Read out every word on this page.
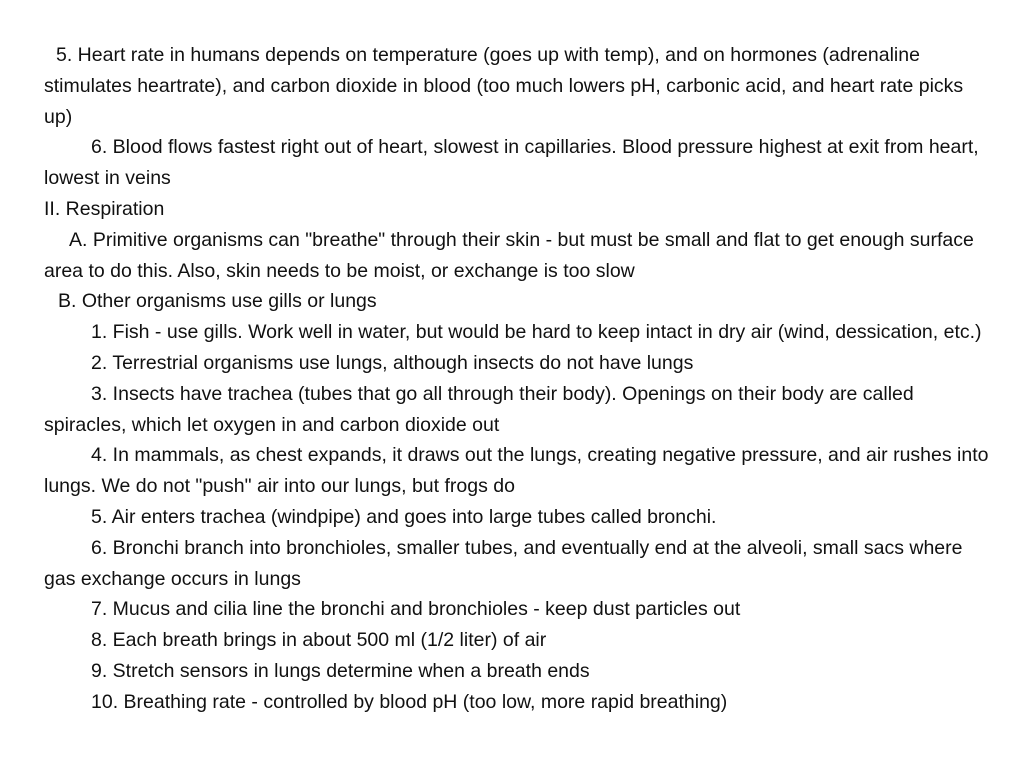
5. Heart rate in humans depends on temperature (goes up with temp), and on hormones (adrenaline stimulates heartrate), and carbon dioxide in blood (too much lowers pH, carbonic acid, and heart rate picks up)

6. Blood flows fastest right out of heart, slowest in capillaries. Blood pressure highest at exit from heart, lowest in veins

II. Respiration

A. Primitive organisms can "breathe" through their skin - but must be small and flat to get enough surface area to do this. Also, skin needs to be moist, or exchange is too slow

B. Other organisms use gills or lungs

1. Fish - use gills. Work well in water, but would be hard to keep intact in dry air (wind, dessication, etc.)

2. Terrestrial organisms use lungs, although insects do not have lungs

3. Insects have trachea (tubes that go all through their body). Openings on their body are called spiracles, which let oxygen in and carbon dioxide out

4. In mammals, as chest expands, it draws out the lungs, creating negative pressure, and air rushes into lungs. We do not "push" air into our lungs, but frogs do

5. Air enters trachea (windpipe) and goes into large tubes called bronchi.

6. Bronchi branch into bronchioles, smaller tubes, and eventually end at the alveoli, small sacs where gas exchange occurs in lungs

7. Mucus and cilia line the bronchi and bronchioles - keep dust particles out

8. Each breath brings in about 500 ml (1/2 liter) of air

9. Stretch sensors in lungs determine when a breath ends

10. Breathing rate - controlled by blood pH (too low, more rapid breathing)
